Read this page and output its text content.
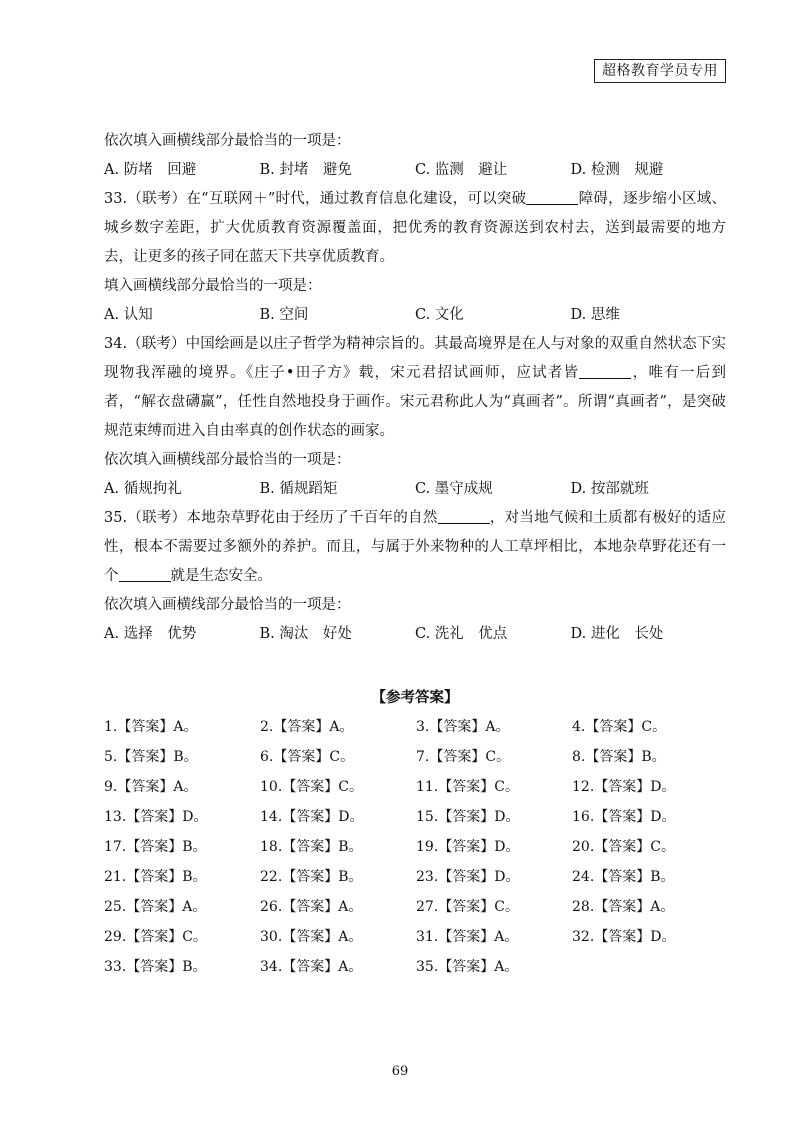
超格教育学员专用

依次填入画横线部分最恰当的一项是：

A. 防堵　回避	B. 封堵　避免	C. 监测　避让	D. 检测　规避

33.（联考）在“互联网＋”时代，通过教育信息化建设，可以突破	障碍，逐步缩小区域、城乡数字差距，扩大优质教育资源覆盖面，把优秀的教育资源送到农村去，送到最需要的地方去，让更多的孩子同在蓝天下共享优质教育。

填入画横线部分最恰当的一项是：

A. 认知	B. 空间	C. 文化	D. 思维

34.（联考）中国绘画是以庄子哲学为精神宗旨的。其最高境界是在人与对象的双重自然状态下实现物我浑融的境界。《庄子•田子方》载，宋元君招试画师，应试者皆	，唯有一后到者，“解衣盘礴赢”，任性自然地投身于画作。宋元君称此人为“真画者”。所谓“真画者”，是突破规范束缚而进入自由率真的创作状态的画家。

依次填入画横线部分最恰当的一项是：

A. 循规拘礼	B. 循规蹈矩	C. 墨守成规	D. 按部就班

35.（联考）本地杂草野花由于经历了千百年的自然	，对当地气候和土质都有极好的适应性，根本不需要过多额外的养护。而且，与属于外来物种的人工草坪相比，本地杂草野花还有一个	就是生态安全。

依次填入画横线部分最恰当的一项是：

A. 选择　优势	B. 淘汰　好处	C. 洗礼　优点	D. 进化　长处
【参考答案】
1.【答案】A。	2.【答案】A。	3.【答案】A。	4.【答案】C。
5.【答案】B。	6.【答案】C。	7.【答案】C。	8.【答案】B。
9.【答案】A。	10.【答案】C。	11.【答案】C。	12.【答案】D。
13.【答案】D。	14.【答案】D。	15.【答案】D。	16.【答案】D。
17.【答案】B。	18.【答案】B。	19.【答案】D。	20.【答案】C。
21.【答案】B。	22.【答案】B。	23.【答案】D。	24.【答案】B。
25.【答案】A。	26.【答案】A。	27.【答案】C。	28.【答案】A。
29.【答案】C。	30.【答案】A。	31.【答案】A。	32.【答案】D。
33.【答案】B。	34.【答案】A。	35.【答案】A。
69
